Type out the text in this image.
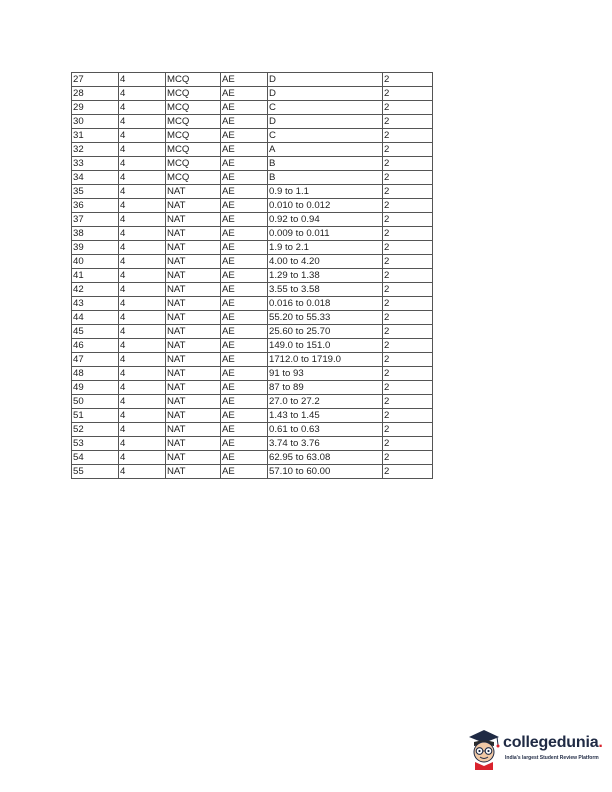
27	4	MCQ	AE	D	2
28	4	MCQ	AE	D	2
29	4	MCQ	AE	C	2
30	4	MCQ	AE	D	2
31	4	MCQ	AE	C	2
32	4	MCQ	AE	A	2
33	4	MCQ	AE	B	2
34	4	MCQ	AE	B	2
35	4	NAT	AE	0.9 to 1.1	2
36	4	NAT	AE	0.010 to 0.012	2
37	4	NAT	AE	0.92 to 0.94	2
38	4	NAT	AE	0.009 to 0.011	2
39	4	NAT	AE	1.9 to 2.1	2
40	4	NAT	AE	4.00 to 4.20	2
41	4	NAT	AE	1.29 to 1.38	2
42	4	NAT	AE	3.55 to 3.58	2
43	4	NAT	AE	0.016 to 0.018	2
44	4	NAT	AE	55.20 to 55.33	2
45	4	NAT	AE	25.60 to 25.70	2
46	4	NAT	AE	149.0 to 151.0	2
47	4	NAT	AE	1712.0 to 1719.0	2
48	4	NAT	AE	91 to 93	2
49	4	NAT	AE	87 to 89	2
50	4	NAT	AE	27.0 to 27.2	2
51	4	NAT	AE	1.43 to 1.45	2
52	4	NAT	AE	0.61 to 0.63	2
53	4	NAT	AE	3.74 to 3.76	2
54	4	NAT	AE	62.95 to 63.08	2
55	4	NAT	AE	57.10 to 60.00	2
collegedunia.
India's largest Student Review Platform
